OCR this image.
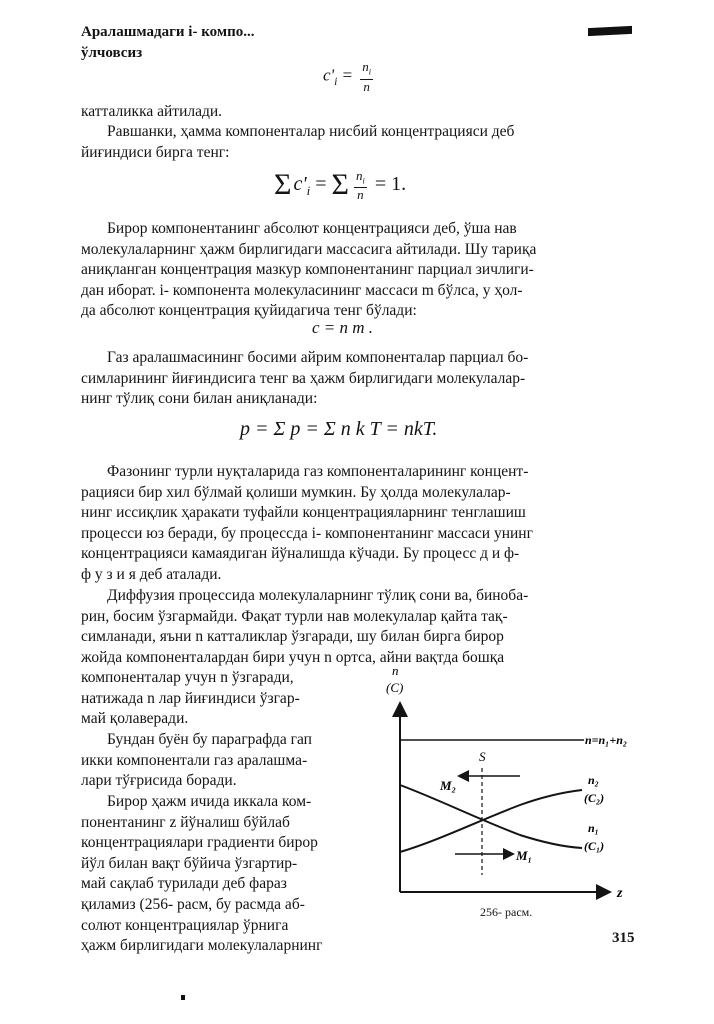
Аралашмадаги i- компо...
ўлчовсиз
$c'_i = \frac{n_i}{n}$
катталикка айтилади.
Равшанки, ҳамма компоненталар нисбий концентрацияси деб
йиғиндиси бирга тенг:
$\Sigma c'_i = \Sigma \frac{n_i}{n} = 1$.
Бирор компонентанинг абсолют концентрацияси деб, ўша нав
молекулаларнинг ҳажм бирлигидаги массасига айтилади. Шу тариқа
аниқланган концентрация мазкур компонентанинг парциал зичлиги-
дан иборат. i- компонента молекуласининг массаси m бўлса, у ҳол-
да абсолют концентрация қуйидагича тенг бўлади:
c = n m .
Газ аралашмасининг босими айрим компоненталар парциал бо-
симларининг йиғиндисига тенг ва ҳажм бирлигидаги молекулалар-
нинг тўлиқ сони билан аниқланади:
p = Σ p = Σ n k T = nkT.
Фазонинг турли нуқталарида газ компоненталарининг концент-
рацияси бир хил бўлмай қолиши мумкин. Бу ҳолда молекулалар-
нинг иссиқлик ҳаракати туфайли концентрацияларнинг тенглашиш
процесси юз беради, бу процессда i- компонентанинг массаси унинг
концентрацияси камаядиган йўналишда кўчади. Бу процесс д и ф-
ф у з и я деб аталади.
Диффузия процессида молекулаларнинг тўлиқ сони ва, биноба-
рин, босим ўзгармайди. Фақат турли нав молекулалар қайта тақ-
симланади, яъни n катталиклар ўзгаради, шу билан бирга бирор
жойда компоненталардан бири учун n ортса, айни вақтда бошқа
компоненталар учун n ўзгаради,
натижада n лар йиғиндиси ўзгар-
май қолаверади.
Бундан буён бу параграфда гап
икки компонентали газ аралашма-
лари тўғрисида боради.
Бирор ҳажм ичида иккала ком-
понентанинг z йўналиш бўйлаб
концентрациялари градиенти бирор
йўл билан вақт бўйича ўзгартир-
май сақлаб турилади деб фараз
қиламиз (256- расм, бу расмда аб-
солют концентрациялар ўрнига
ҳажм бирлигидаги молекулаларнинг
n
(C)
z
n=n₁+n₂
S
M₂
M₁
n₂
(C₂)
n₁
(C₁)
256- расм.
315
